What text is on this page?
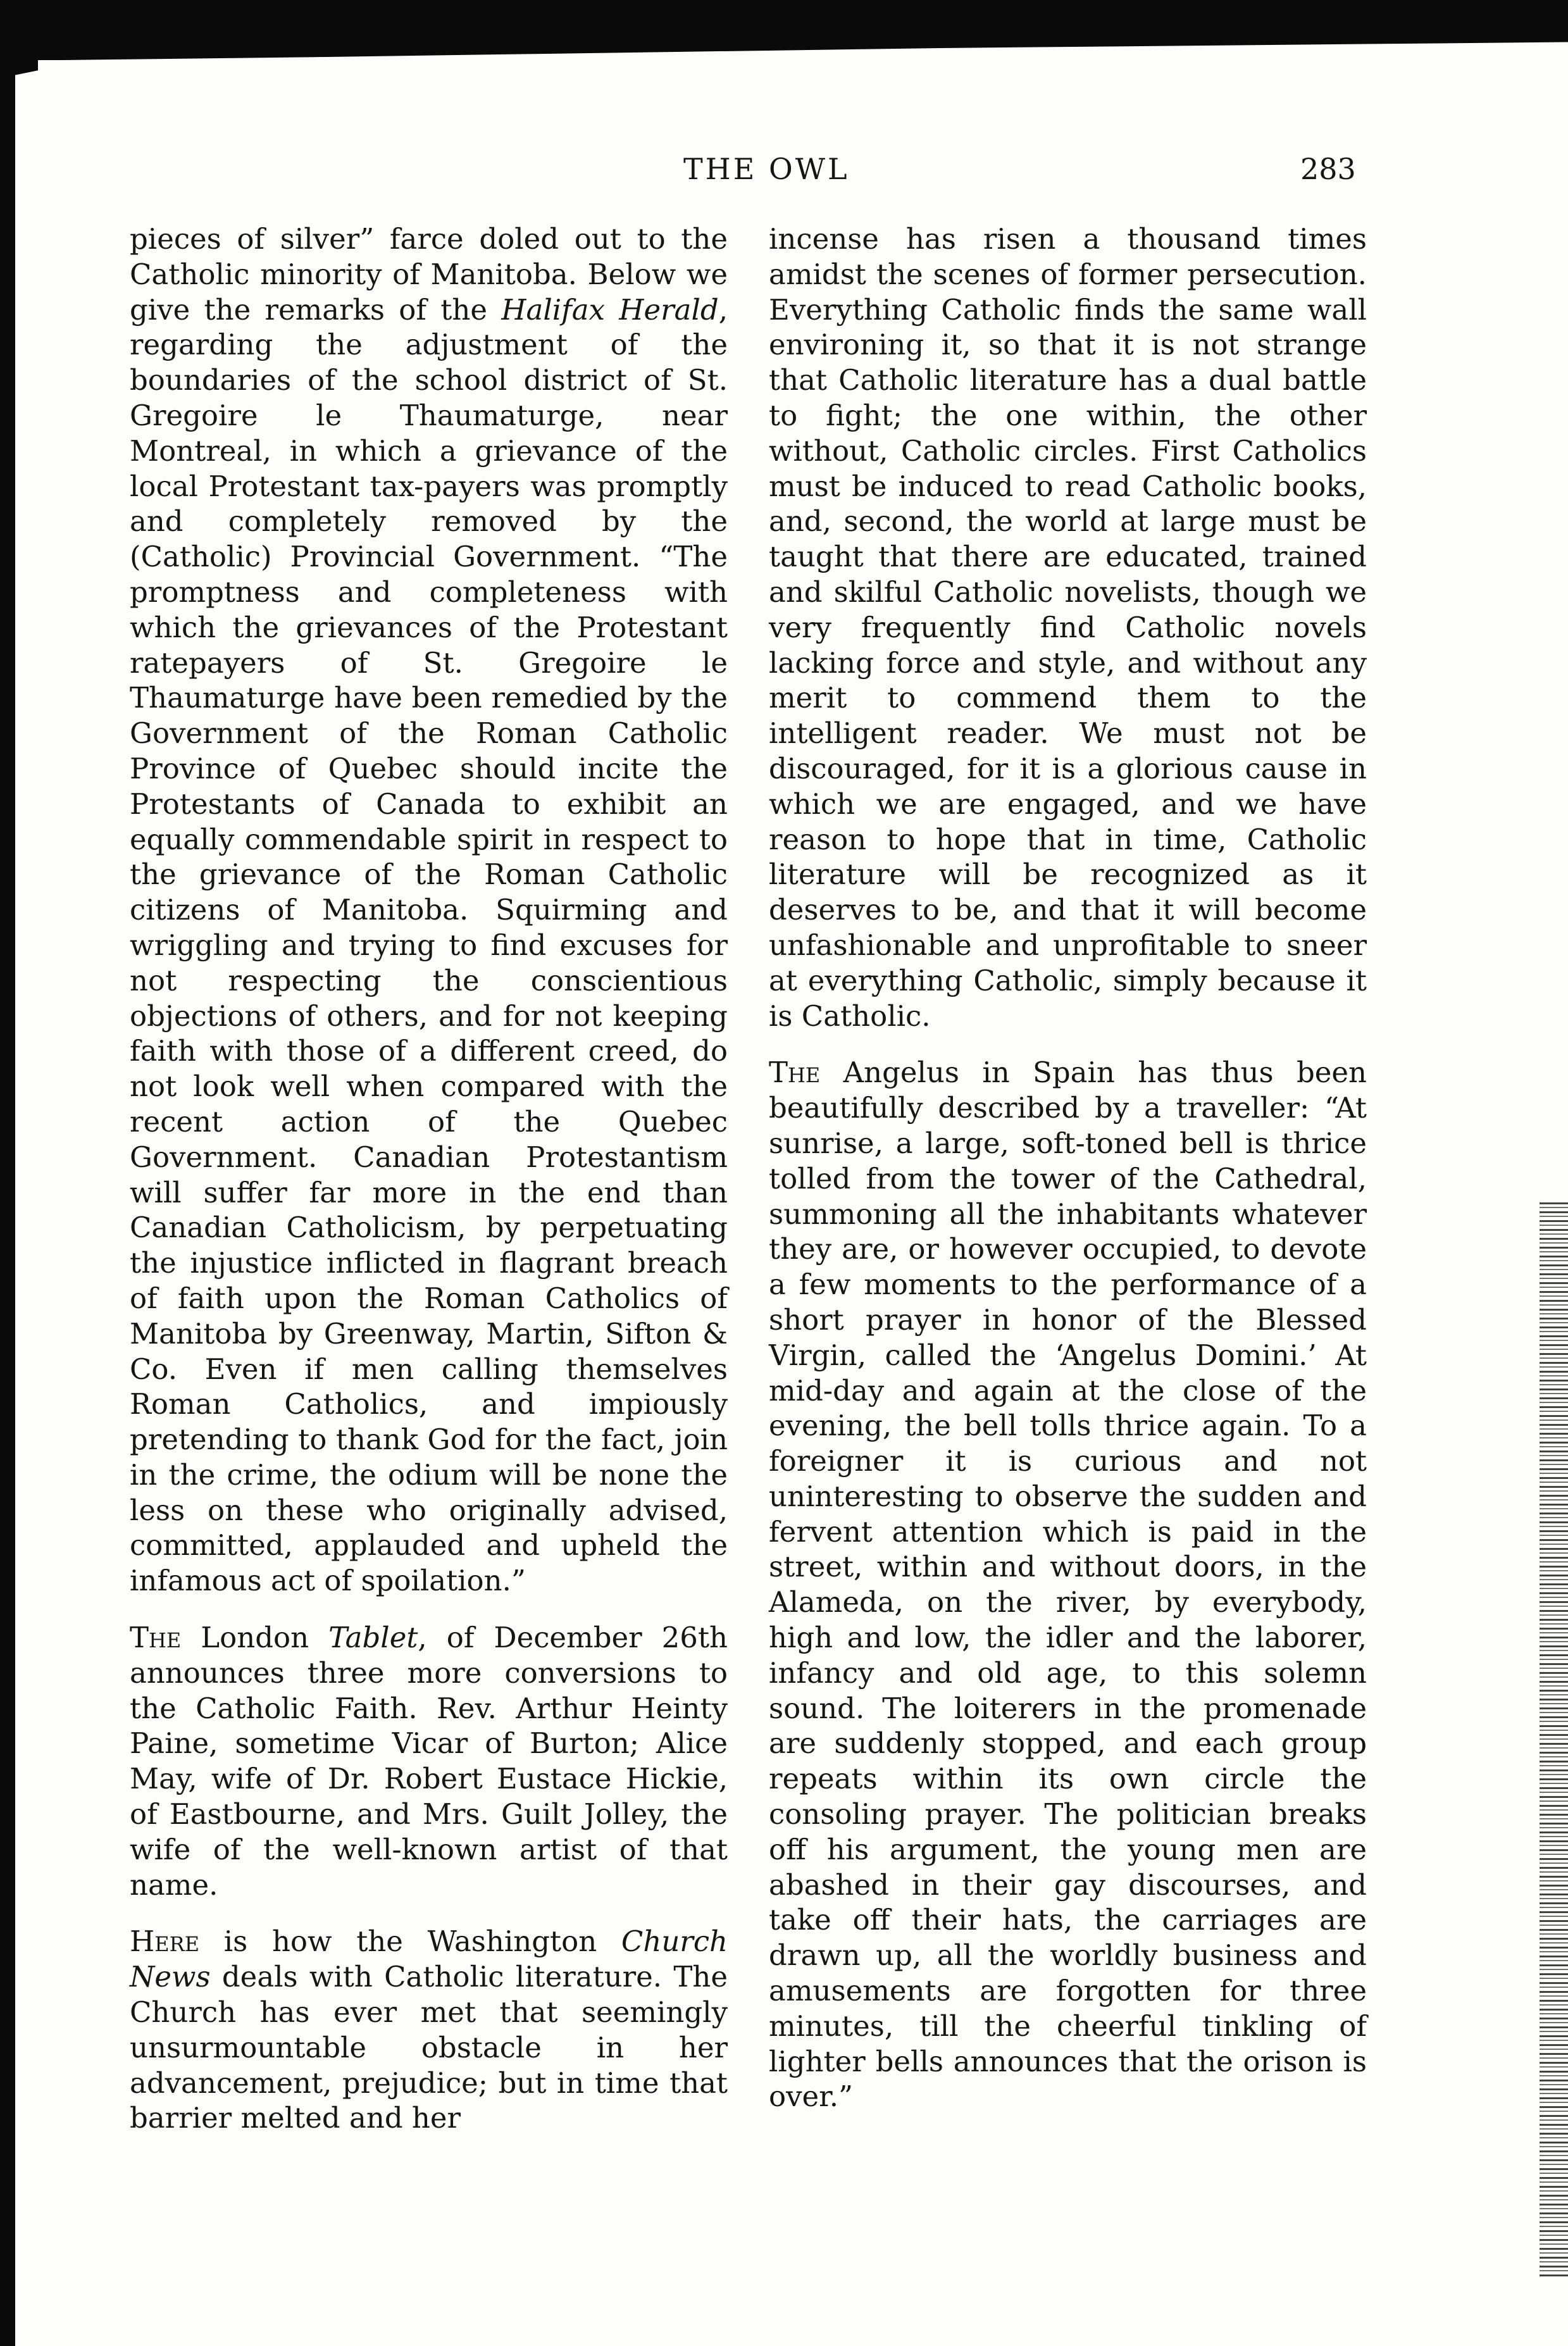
THE OWL	283

pieces of silver” farce doled out to the Catholic minority of Manitoba. Below we give the remarks of the Halifax Herald, regarding the adjustment of the boundaries of the school district of St. Gregoire le Thaumaturge, near Montreal, in which a grievance of the local Protestant tax-payers was promptly and completely removed by the (Catholic) Provincial Government. “The promptness and completeness with which the grievances of the Protestant ratepayers of St. Gregoire le Thaumaturge have been remedied by the Government of the Roman Catholic Province of Quebec should incite the Protestants of Canada to exhibit an equally commendable spirit in respect to the grievance of the Roman Catholic citizens of Manitoba. Squirming and wriggling and trying to find excuses for not respecting the conscientious objections of others, and for not keeping faith with those of a different creed, do not look well when compared with the recent action of the Quebec Government. Canadian Protestantism will suffer far more in the end than Canadian Catholicism, by perpetuating the injustice inflicted in flagrant breach of faith upon the Roman Catholics of Manitoba by Greenway, Martin, Sifton & Co. Even if men calling themselves Roman Catholics, and impiously pretending to thank God for the fact, join in the crime, the odium will be none the less on these who originally advised, committed, applauded and upheld the infamous act of spoilation.”

The London Tablet, of December 26th announces three more conversions to the Catholic Faith. Rev. Arthur Heinty Paine, sometime Vicar of Burton; Alice May, wife of Dr. Robert Eustace Hickie, of Eastbourne, and Mrs. Guilt Jolley, the wife of the well-known artist of that name.

Here is how the Washington Church News deals with Catholic literature. The Church has ever met that seemingly unsurmountable obstacle in her advancement, prejudice; but in time that barrier melted and her

incense has risen a thousand times amidst the scenes of former persecution. Everything Catholic finds the same wall environing it, so that it is not strange that Catholic literature has a dual battle to fight; the one within, the other without, Catholic circles. First Catholics must be induced to read Catholic books, and, second, the world at large must be taught that there are educated, trained and skilful Catholic novelists, though we very frequently find Catholic novels lacking force and style, and without any merit to commend them to the intelligent reader. We must not be discouraged, for it is a glorious cause in which we are engaged, and we have reason to hope that in time, Catholic literature will be recognized as it deserves to be, and that it will become unfashionable and unprofitable to sneer at everything Catholic, simply because it is Catholic.

The Angelus in Spain has thus been beautifully described by a traveller: “At sunrise, a large, soft-toned bell is thrice tolled from the tower of the Cathedral, summoning all the inhabitants whatever they are, or however occupied, to devote a few moments to the performance of a short prayer in honor of the Blessed Virgin, called the ‘Angelus Domini.’ At mid-day and again at the close of the evening, the bell tolls thrice again. To a foreigner it is curious and not uninteresting to observe the sudden and fervent attention which is paid in the street, within and without doors, in the Alameda, on the river, by everybody, high and low, the idler and the laborer, infancy and old age, to this solemn sound. The loiterers in the promenade are suddenly stopped, and each group repeats within its own circle the consoling prayer. The politician breaks off his argument, the young men are abashed in their gay discourses, and take off their hats, the carriages are drawn up, all the worldly business and amusements are forgotten for three minutes, till the cheerful tinkling of lighter bells announces that the orison is over.”
